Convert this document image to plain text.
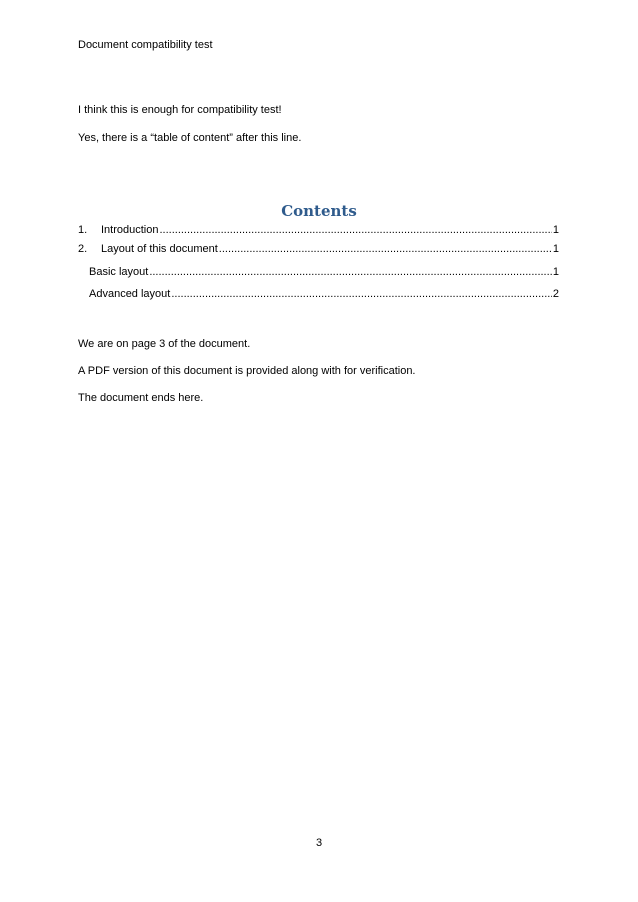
Document compatibility test
I think this is enough for compatibility test!
Yes, there is a “table of content” after this line.
Contents
1.	Introduction .....	1
2.	Layout of this document .....	1
Basic layout .....	1
Advanced layout .....	2
We are on page 3 of the document.
A PDF version of this document is provided along with for verification.
The document ends here.
3
